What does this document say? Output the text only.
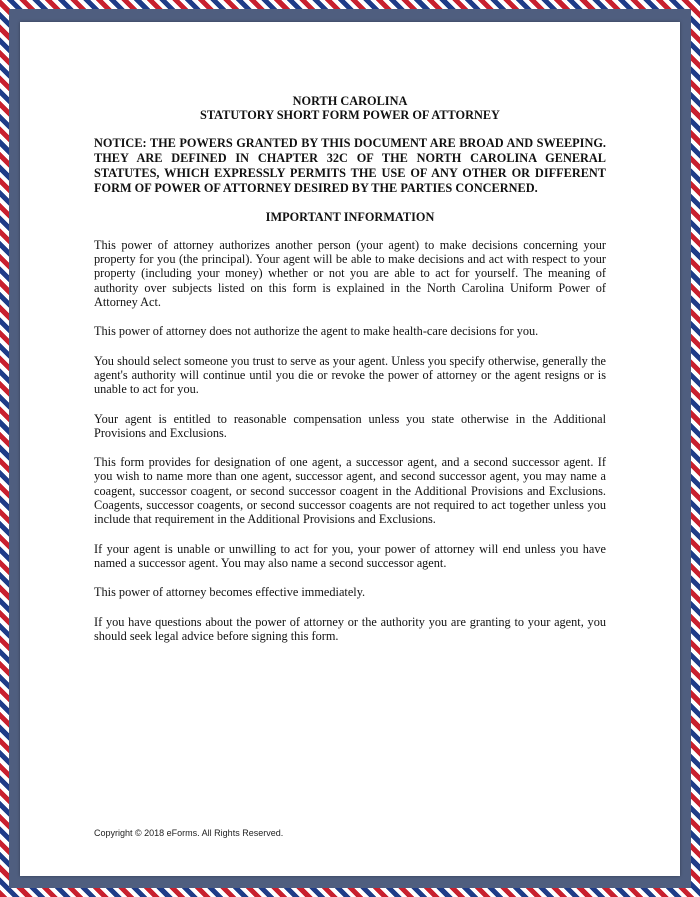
NORTH CAROLINA
STATUTORY SHORT FORM POWER OF ATTORNEY

NOTICE: THE POWERS GRANTED BY THIS DOCUMENT ARE BROAD AND SWEEPING. THEY ARE DEFINED IN CHAPTER 32C OF THE NORTH CAROLINA GENERAL STATUTES, WHICH EXPRESSLY PERMITS THE USE OF ANY OTHER OR DIFFERENT FORM OF POWER OF ATTORNEY DESIRED BY THE PARTIES CONCERNED.

IMPORTANT INFORMATION

This power of attorney authorizes another person (your agent) to make decisions concerning your property for you (the principal). Your agent will be able to make decisions and act with respect to your property (including your money) whether or not you are able to act for yourself. The meaning of authority over subjects listed on this form is explained in the North Carolina Uniform Power of Attorney Act.

This power of attorney does not authorize the agent to make health-care decisions for you.

You should select someone you trust to serve as your agent. Unless you specify otherwise, generally the agent's authority will continue until you die or revoke the power of attorney or the agent resigns or is unable to act for you.

Your agent is entitled to reasonable compensation unless you state otherwise in the Additional Provisions and Exclusions.

This form provides for designation of one agent, a successor agent, and a second successor agent. If you wish to name more than one agent, successor agent, and second successor agent, you may name a coagent, successor coagent, or second successor coagent in the Additional Provisions and Exclusions. Coagents, successor coagents, or second successor coagents are not required to act together unless you include that requirement in the Additional Provisions and Exclusions.

If your agent is unable or unwilling to act for you, your power of attorney will end unless you have named a successor agent. You may also name a second successor agent.

This power of attorney becomes effective immediately.

If you have questions about the power of attorney or the authority you are granting to your agent, you should seek legal advice before signing this form.

Copyright © 2018 eForms. All Rights Reserved.
